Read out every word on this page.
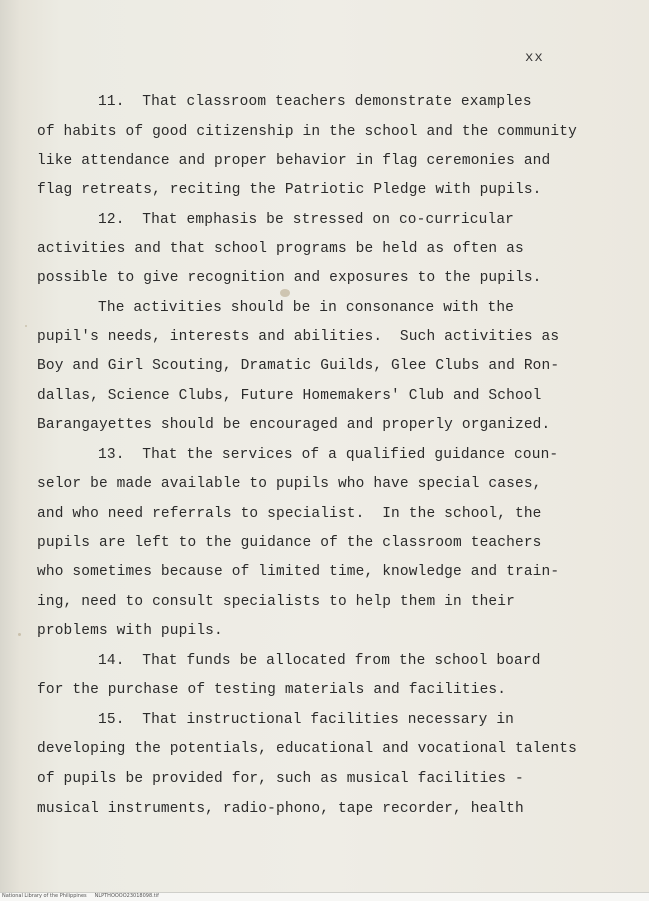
xx
11.  That classroom teachers demonstrate examples
of habits of good citizenship in the school and the community
like attendance and proper behavior in flag ceremonies and
flag retreats, reciting the Patriotic Pledge with pupils.
12.  That emphasis be stressed on co-curricular
activities and that school programs be held as often as
possible to give recognition and exposures to the pupils.
The activities should be in consonance with the
pupil's needs, interests and abilities.  Such activities as
Boy and Girl Scouting, Dramatic Guilds, Glee Clubs and Ron-
dallas, Science Clubs, Future Homemakers' Club and School
Barangayettes should be encouraged and properly organized.
13.  That the services of a qualified guidance coun-
selor be made available to pupils who have special cases,
and who need referrals to specialist.  In the school, the
pupils are left to the guidance of the classroom teachers
who sometimes because of limited time, knowledge and train-
ing, need to consult specialists to help them in their
problems with pupils.
14.  That funds be allocated from the school board
for the purchase of testing materials and facilities.
15.  That instructional facilities necessary in
developing the potentials, educational and vocational talents
of pupils be provided for, such as musical facilities -
musical instruments, radio-phono, tape recorder, health
National Library of the Philippines     NLPTHOOOO23018098.tif
